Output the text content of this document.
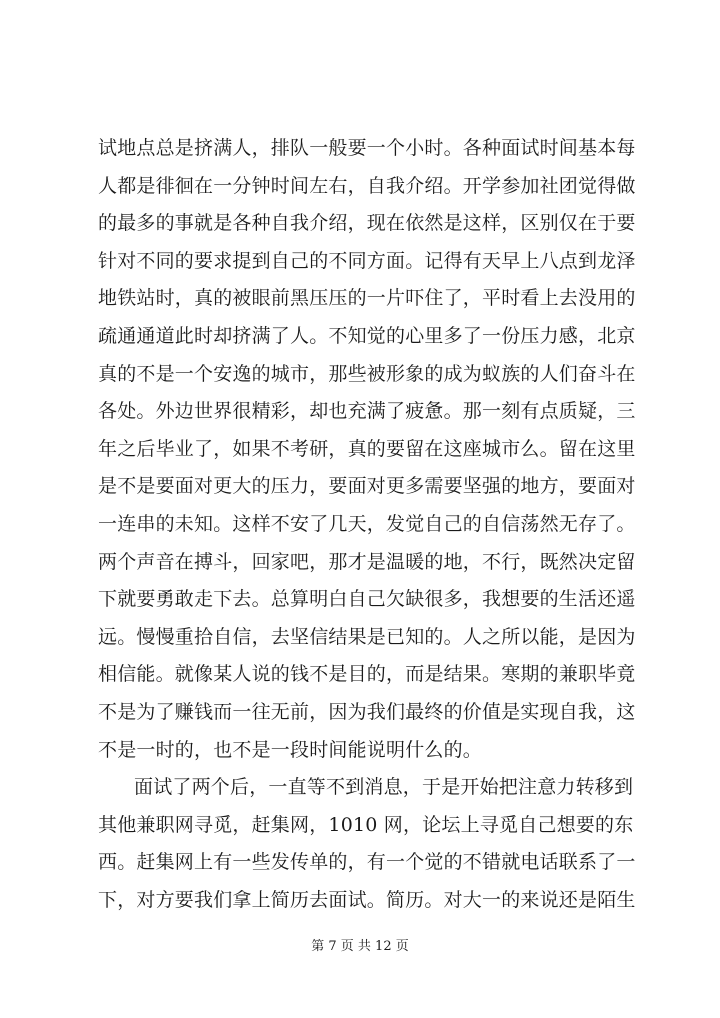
试地点总是挤满人，排队一般要一个小时。各种面试时间基本每
人都是徘徊在一分钟时间左右，自我介绍。开学参加社团觉得做
的最多的事就是各种自我介绍，现在依然是这样，区别仅在于要
针对不同的要求提到自己的不同方面。记得有天早上八点到龙泽
地铁站时，真的被眼前黑压压的一片吓住了，平时看上去没用的
疏通通道此时却挤满了人。不知觉的心里多了一份压力感，北京
真的不是一个安逸的城市，那些被形象的成为蚁族的人们奋斗在
各处。外边世界很精彩，却也充满了疲惫。那一刻有点质疑，三
年之后毕业了，如果不考研，真的要留在这座城市么。留在这里
是不是要面对更大的压力，要面对更多需要坚强的地方，要面对
一连串的未知。这样不安了几天，发觉自己的自信荡然无存了。
两个声音在搏斗，回家吧，那才是温暖的地，不行，既然决定留
下就要勇敢走下去。总算明白自己欠缺很多，我想要的生活还遥
远。慢慢重拾自信，去坚信结果是已知的。人之所以能，是因为
相信能。就像某人说的钱不是目的，而是结果。寒期的兼职毕竟
不是为了赚钱而一往无前，因为我们最终的价值是实现自我，这
不是一时的，也不是一段时间能说明什么的。
面试了两个后，一直等不到消息，于是开始把注意力转移到
其他兼职网寻觅，赶集网，1010 网，论坛上寻觅自己想要的东
西。赶集网上有一些发传单的，有一个觉的不错就电话联系了一
下，对方要我们拿上简历去面试。简历。对大一的来说还是陌生
第 7 页 共 12 页
